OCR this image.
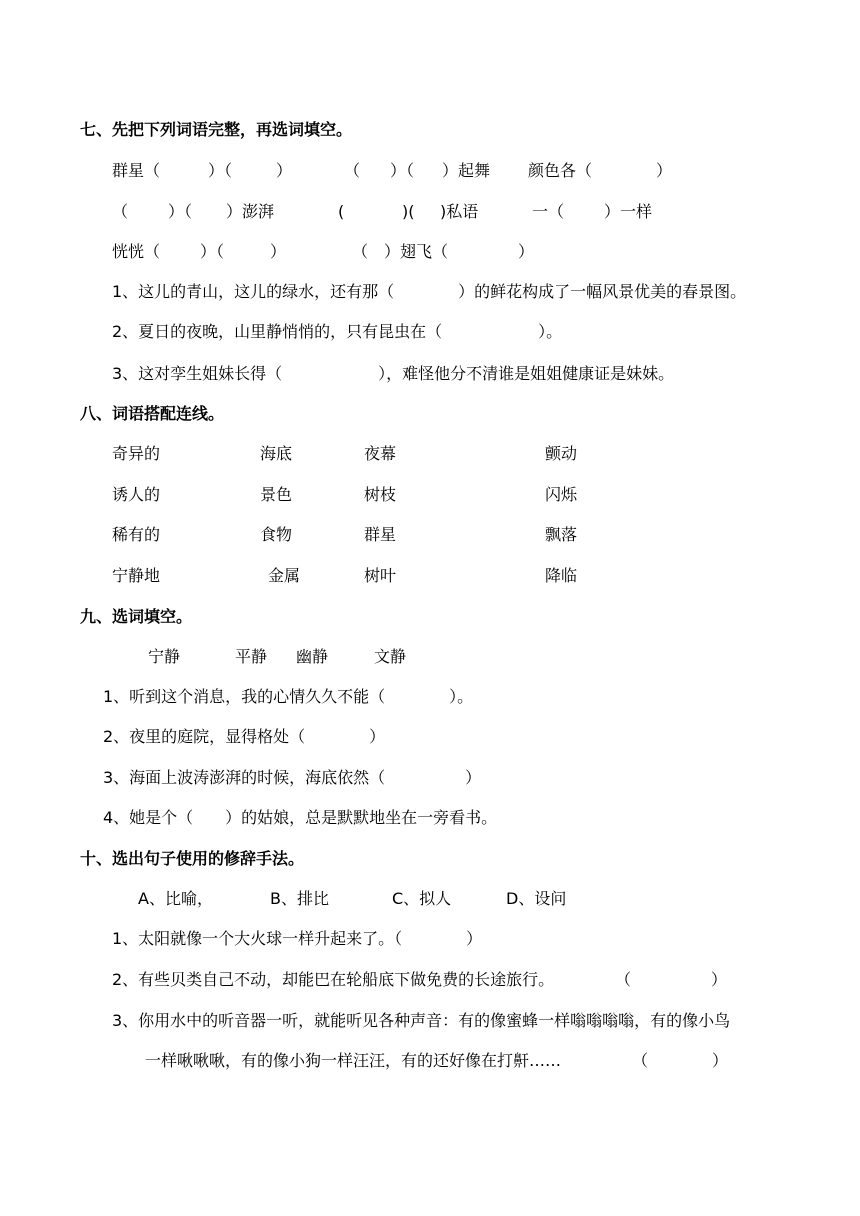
七、先把下列词语完整，再选词填空。
群星（	）（	）	（ ）（ ）起舞 颜色各（	）
（ ）（ ）澎湃	(	)( )私语	一（ ）一样
恍恍（ ）（	）	（ ）翅飞（	）
1、这儿的青山，这儿的绿水，还有那（　　　　）的鲜花构成了一幅风景优美的春景图。
2、夏日的夜晚，山里静悄悄的，只有昆虫在（　　　　　　）。
3、这对孪生姐妹长得（　　　　　　），难怪他分不清谁是姐姐健康证是妹妹。
八、词语搭配连线。
奇异的	海底	夜幕	颤动
诱人的	景色	树枝	闪烁
稀有的	食物	群星	飘落
宁静地	金属	树叶	降临
九、选词填空。
宁静	平静 幽静	文静
1、听到这个消息，我的心情久久不能（　　　　）。
2、夜里的庭院，显得格处（　　　　）
3、海面上波涛澎湃的时候，海底依然（　　　　　）
4、她是个（　　）的姑娘，总是默默地坐在一旁看书。
十、选出句子使用的修辞手法。
A、比喻，	B、排比	C、拟人	D、设问
1、太阳就像一个大火球一样升起来了。（　　　　）
2、有些贝类自己不动，却能巴在轮船底下做免费的长途旅行。	（　　　　　）
3、你用水中的听音器一听，就能听见各种声音：有的像蜜蜂一样嗡嗡嗡嗡，有的像小鸟
一样啾啾啾，有的像小狗一样汪汪，有的还好像在打鼾……	（　　　　）
